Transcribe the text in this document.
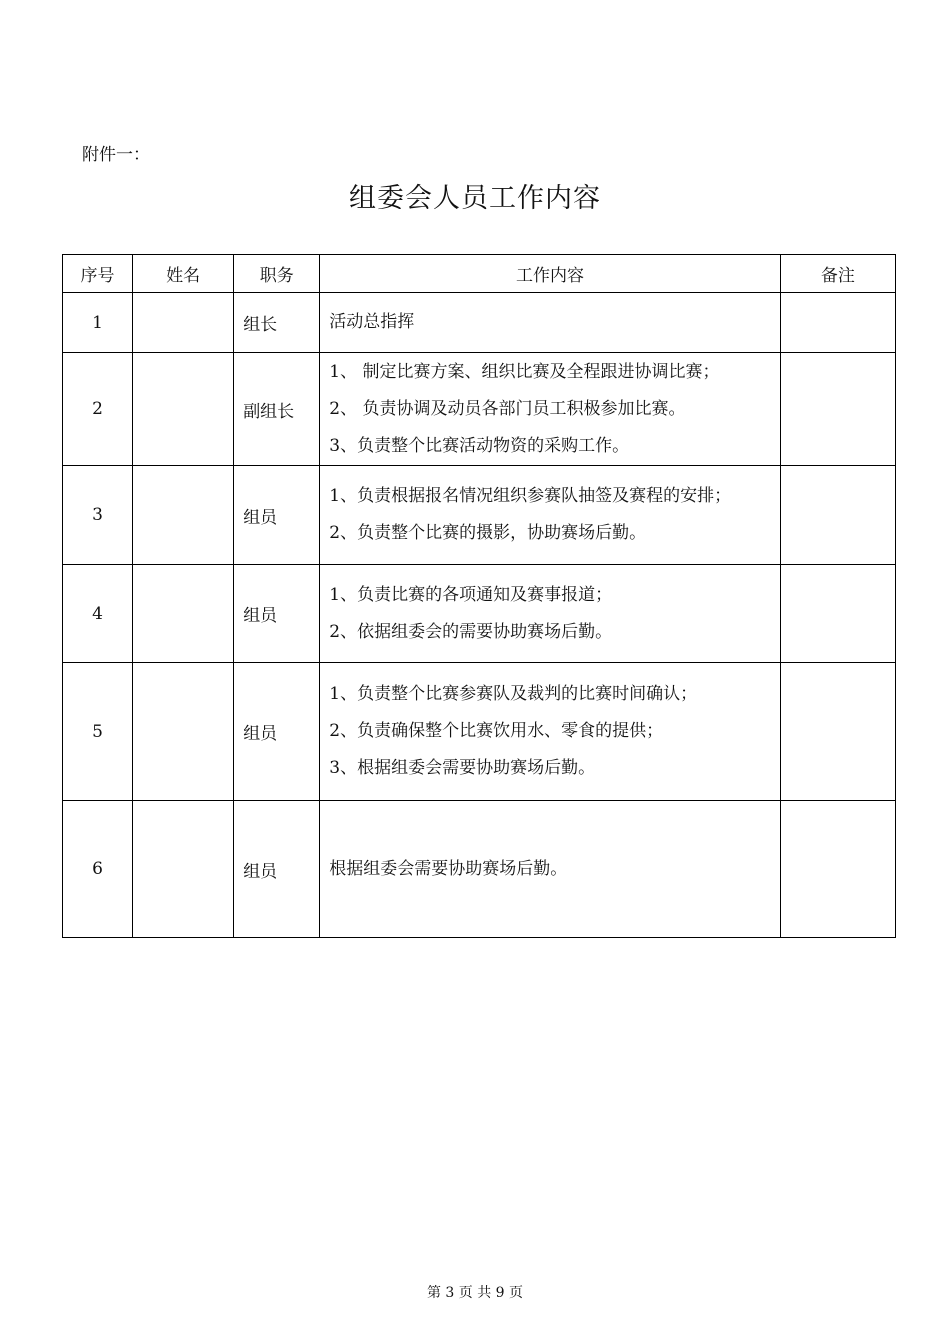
附件一：
组委会人员工作内容
序号	姓名	职务	工作内容	备注
1		组长	活动总指挥	

2		副组长	1、 制定比赛方案、组织比赛及全程跟进协调比赛；
2、 负责协调及动员各部门员工积极参加比赛。
3、负责整个比赛活动物资的采购工作。	

3		组员	1、负责根据报名情况组织参赛队抽签及赛程的安排；
2、负责整个比赛的摄影，协助赛场后勤。	

4		组员	1、负责比赛的各项通知及赛事报道；
2、依据组委会的需要协助赛场后勤。	

5		组员	1、负责整个比赛参赛队及裁判的比赛时间确认；
2、负责确保整个比赛饮用水、零食的提供；
3、根据组委会需要协助赛场后勤。	

6		组员	根据组委会需要协助赛场后勤。	

第 3 页 共 9 页
